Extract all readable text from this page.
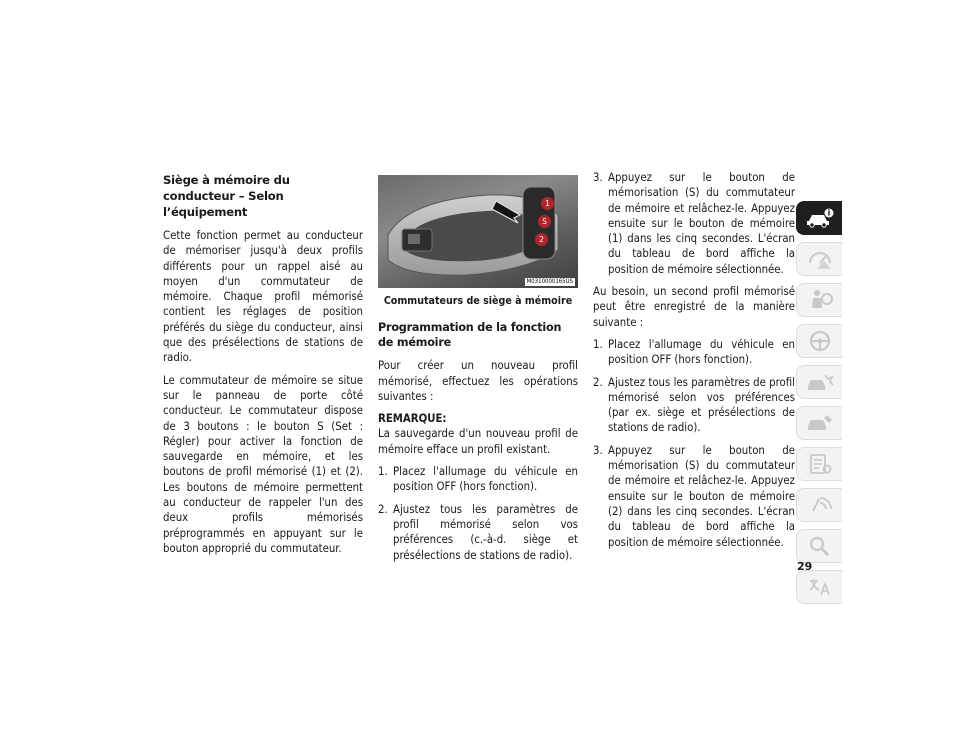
Siège à mémoire du conducteur – Selon l’équipement

Cette fonction permet au conducteur de mémoriser jusqu'à deux profils différents pour un rappel aisé au moyen d'un commutateur de mémoire. Chaque profil mémorisé contient les réglages de position préférés du siège du conducteur, ainsi que des présélections de stations de radio.

Le commutateur de mémoire se situe sur le panneau de porte côté conducteur. Le commutateur dispose de 3 boutons : le bouton S (Set : Régler) pour activer la fonction de sauvegarde en mémoire, et les boutons de profil mémorisé (1) et (2). Les boutons de mémoire permettent au conducteur de rappeler l'un des deux profils mémorisés préprogrammés en appuyant sur le bouton approprié du commutateur.

1
S
2
M0310000165US
Commutateurs de siège à mémoire
Programmation de la fonction de mémoire

Pour créer un nouveau profil mémorisé, effectuez les opérations suivantes :

REMARQUE:
La sauvegarde d'un nouveau profil de mémoire efface un profil existant.

1. Placez l'allumage du véhicule en position OFF (hors fonction).
2. Ajustez tous les paramètres de profil mémorisé selon vos préférences (c.-à-d. siège et présélections de stations de radio).
3. Appuyez sur le bouton de mémorisation (S) du commutateur de mémoire et relâchez-le. Appuyez ensuite sur le bouton de mémoire (1) dans les cinq secondes. L'écran du tableau de bord affiche la position de mémoire sélectionnée.

Au besoin, un second profil mémorisé peut être enregistré de la manière suivante :

1. Placez l'allumage du véhicule en position OFF (hors fonction).
2. Ajustez tous les paramètres de profil mémorisé selon vos préférences (par ex. siège et présélections de stations de radio).
3. Appuyez sur le bouton de mémorisation (S) du commutateur de mémoire et relâchez-le. Appuyez ensuite sur le bouton de mémoire (2) dans les cinq secondes. L'écran du tableau de bord affiche la position de mémoire sélectionnée.
29
